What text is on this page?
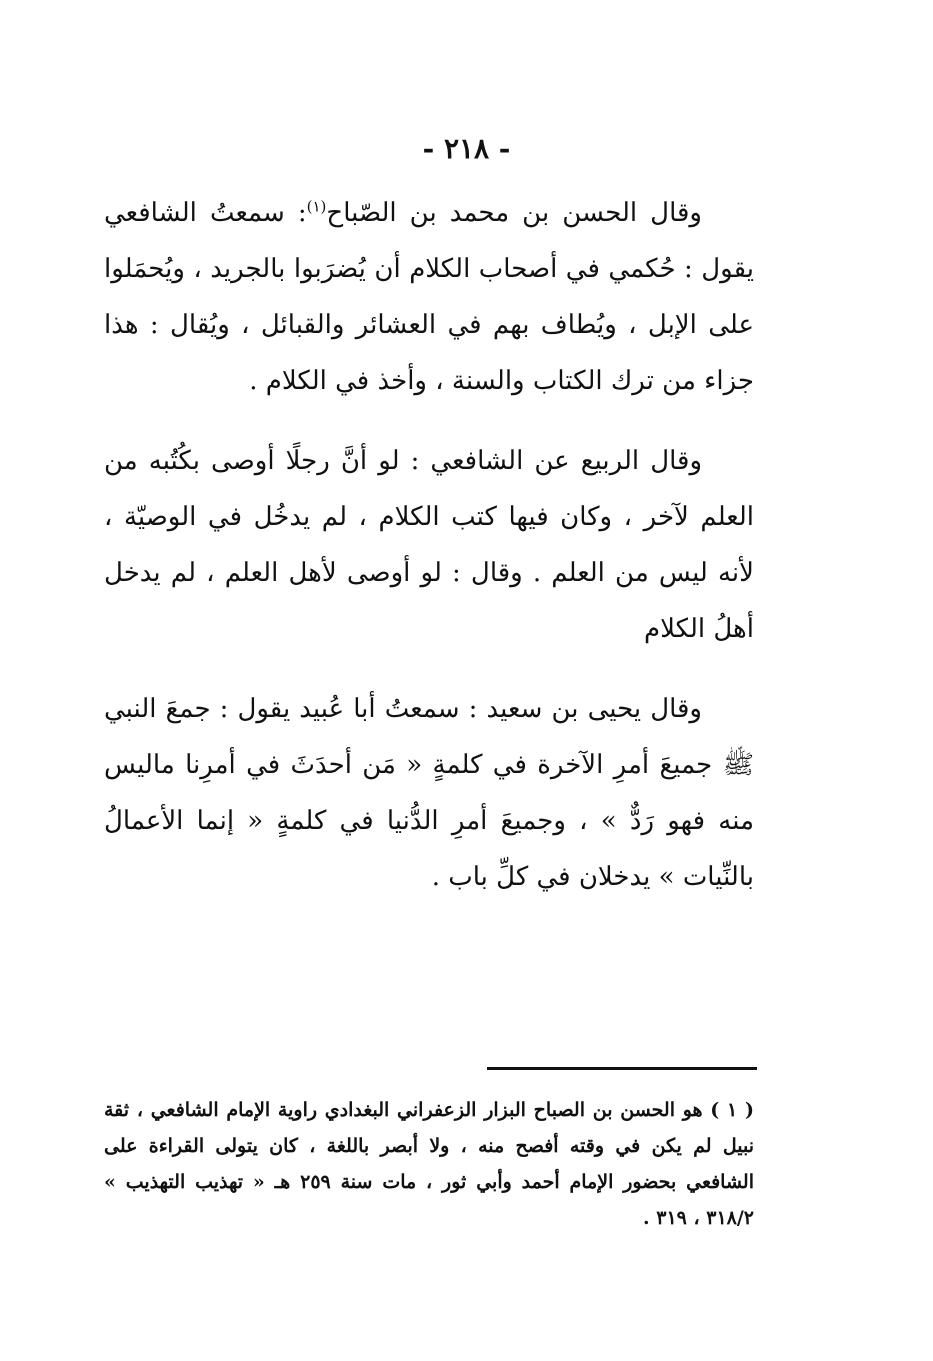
- ٢١٨ -

وقال الحسن بن محمد بن الصّباح$^{(١)}$: سمعتُ الشافعي يقول : حُكمي في أصحاب الكلام أن يُضرَبوا بالجريد ، ويُحمَلوا على الإبل ، ويُطاف بهم في العشائر والقبائل ، ويُقال : هذا جزاء من ترك الكتاب والسنة ، وأخذ في الكلام .

وقال الربيع عن الشافعي : لو أنَّ رجلًا أوصى بكُتُبه من العلم لآخر ، وكان فيها كتب الكلام ، لم يدخُل في الوصيّة ، لأنه ليس من العلم . وقال : لو أوصى لأهل العلم ، لم يدخل أهلُ الكلام

وقال يحيى بن سعيد : سمعتُ أبا عُبيد يقول : جمعَ النبي ﷺ جميعَ أمرِ الآخرة في كلمةٍ « مَن أحدَثَ في أمرِنا ماليس منه فهو رَدٌّ » ، وجميعَ أمرِ الدُّنيا في كلمةٍ « إنما الأعمالُ بالنِّيات » يدخلان في كلِّ باب .

( ١ ) هو الحسن بن الصباح البزار الزعفراني البغدادي راوية الإمام الشافعي ، ثقة نبيل لم يكن في وقته أفصح منه ، ولا أبصر باللغة ، كان يتولى القراءة على الشافعي بحضور الإمام أحمد وأبي ثور ، مات سنة ٢٥٩ هـ « تهذيب التهذيب » ٣١٨/٢ ، ٣١٩ .
